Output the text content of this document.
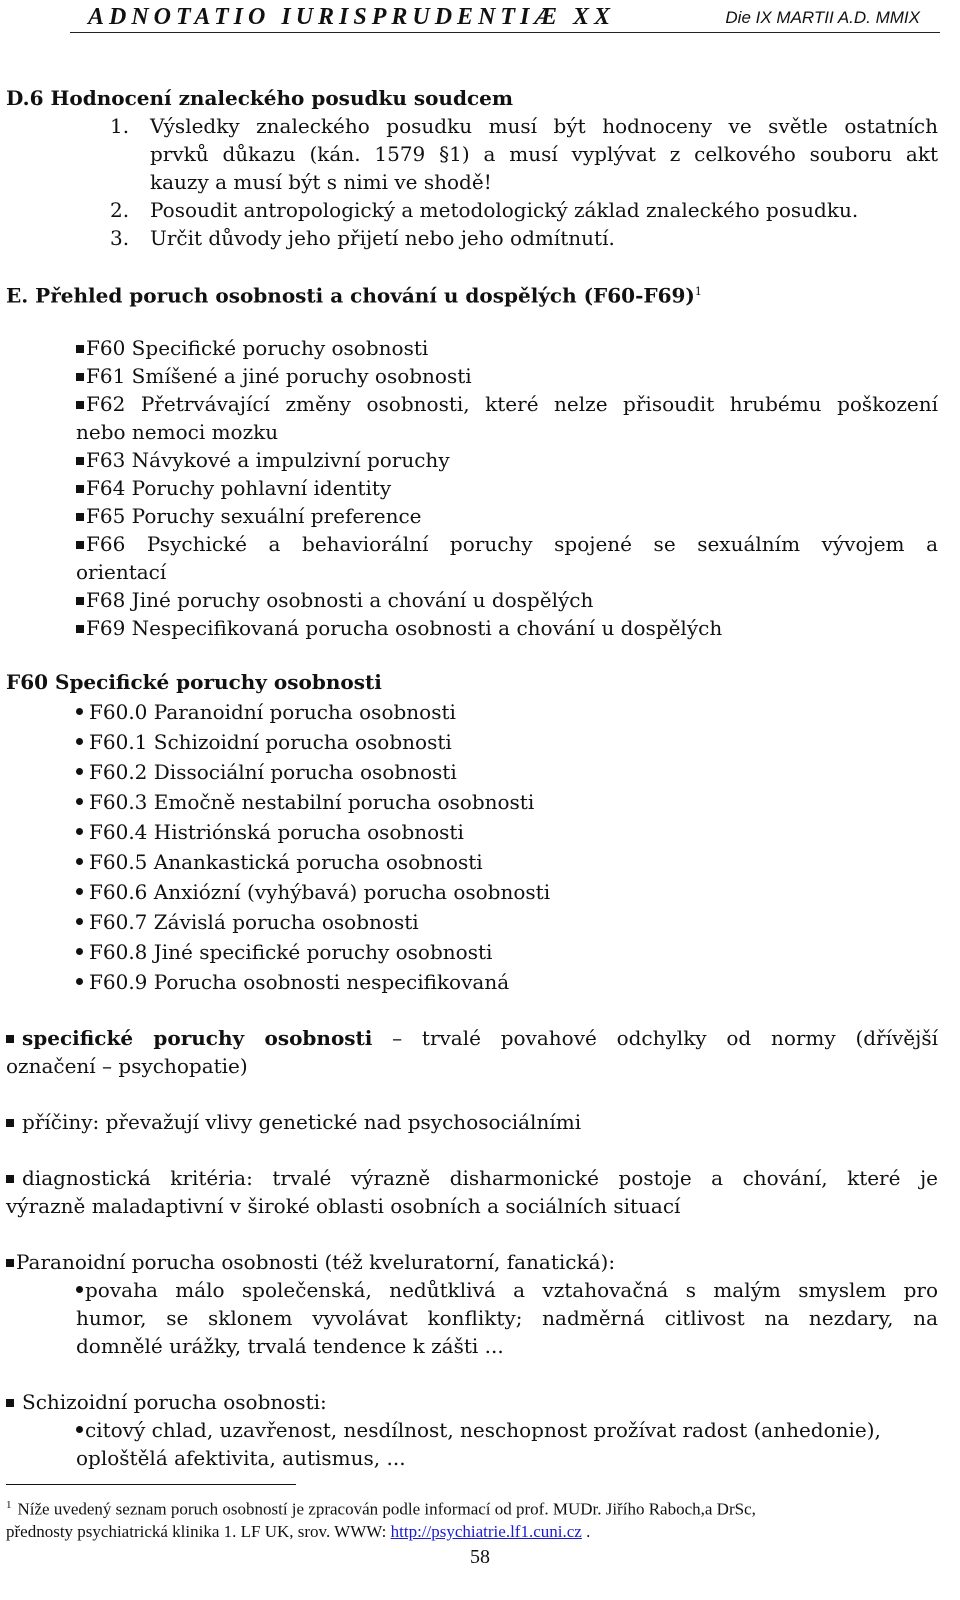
ADNOTATIO IURISPRUDENTIÆ XX	Die IX MARTII A.D. MMIX
D.6 Hodnocení znaleckého posudku soudcem
1. Výsledky znaleckého posudku musí být hodnoceny ve světle ostatních
prvků důkazu (kán. 1579 §1) a musí vyplývat z celkového souboru akt
kauzy a musí být s nimi ve shodě!
2. Posoudit antropologický a metodologický základ znaleckého posudku.
3. Určit důvody jeho přijetí nebo jeho odmítnutí.
E. Přehled poruch osobnosti a chování u dospělých $(F60-F69)^1$
F60 Specifické poruchy osobnosti
F61 Smíšené a jiné poruchy osobnosti
F62 Přetrvávající změny osobnosti, které nelze přisoudit hrubému poškození
nebo nemoci mozku
F63 Návykové a impulzivní poruchy
F64 Poruchy pohlavní identity
F65 Poruchy sexuální preference
F66 Psychické a behaviorální poruchy spojené se sexuálním vývojem a
orientací
F68 Jiné poruchy osobnosti a chování u dospělých
F69 Nespecifikovaná porucha osobnosti a chování u dospělých
F60 Specifické poruchy osobnosti
F60.0 Paranoidní porucha osobnosti
F60.1 Schizoidní porucha osobnosti
F60.2 Dissociální porucha osobnosti
F60.3 Emočně nestabilní porucha osobnosti
F60.4 Histriónská porucha osobnosti
F60.5 Anankastická porucha osobnosti
F60.6 Anxiózní (vyhýbavá) porucha osobnosti
F60.7 Závislá porucha osobnosti
F60.8 Jiné specifické poruchy osobnosti
F60.9 Porucha osobnosti nespecifikovaná
specifické poruchy osobnosti – trvalé povahové odchylky od normy (dřívější
označení – psychopatie)
příčiny: převažují vlivy genetické nad psychosociálními
diagnostická kritéria: trvalé výrazně disharmonické postoje a chování, které je
výrazně maladaptivní v široké oblasti osobních a sociálních situací
Paranoidní porucha osobnosti (též kveluratorní, fanatická):
povaha málo společenská, nedůtklivá a vztahovačná s malým smyslem pro
humor, se sklonem vyvolávat konflikty; nadměrná citlivost na nezdary, na
domnělé urážky, trvalá tendence k zášti ...
Schizoidní porucha osobnosti:
citový chlad, uzavřenost, nesdílnost, neschopnost prožívat radost (anhedonie),
oploštělá afektivita, autismus, ...
$^1$ Níže uvedený seznam poruch osobností je zpracován podle informací od prof. MUDr. Jiřího Raboch,a DrSc,
přednosty psychiatrická klinika 1. LF UK, srov. WWW: http://psychiatrie.lf1.cuni.cz .
58
